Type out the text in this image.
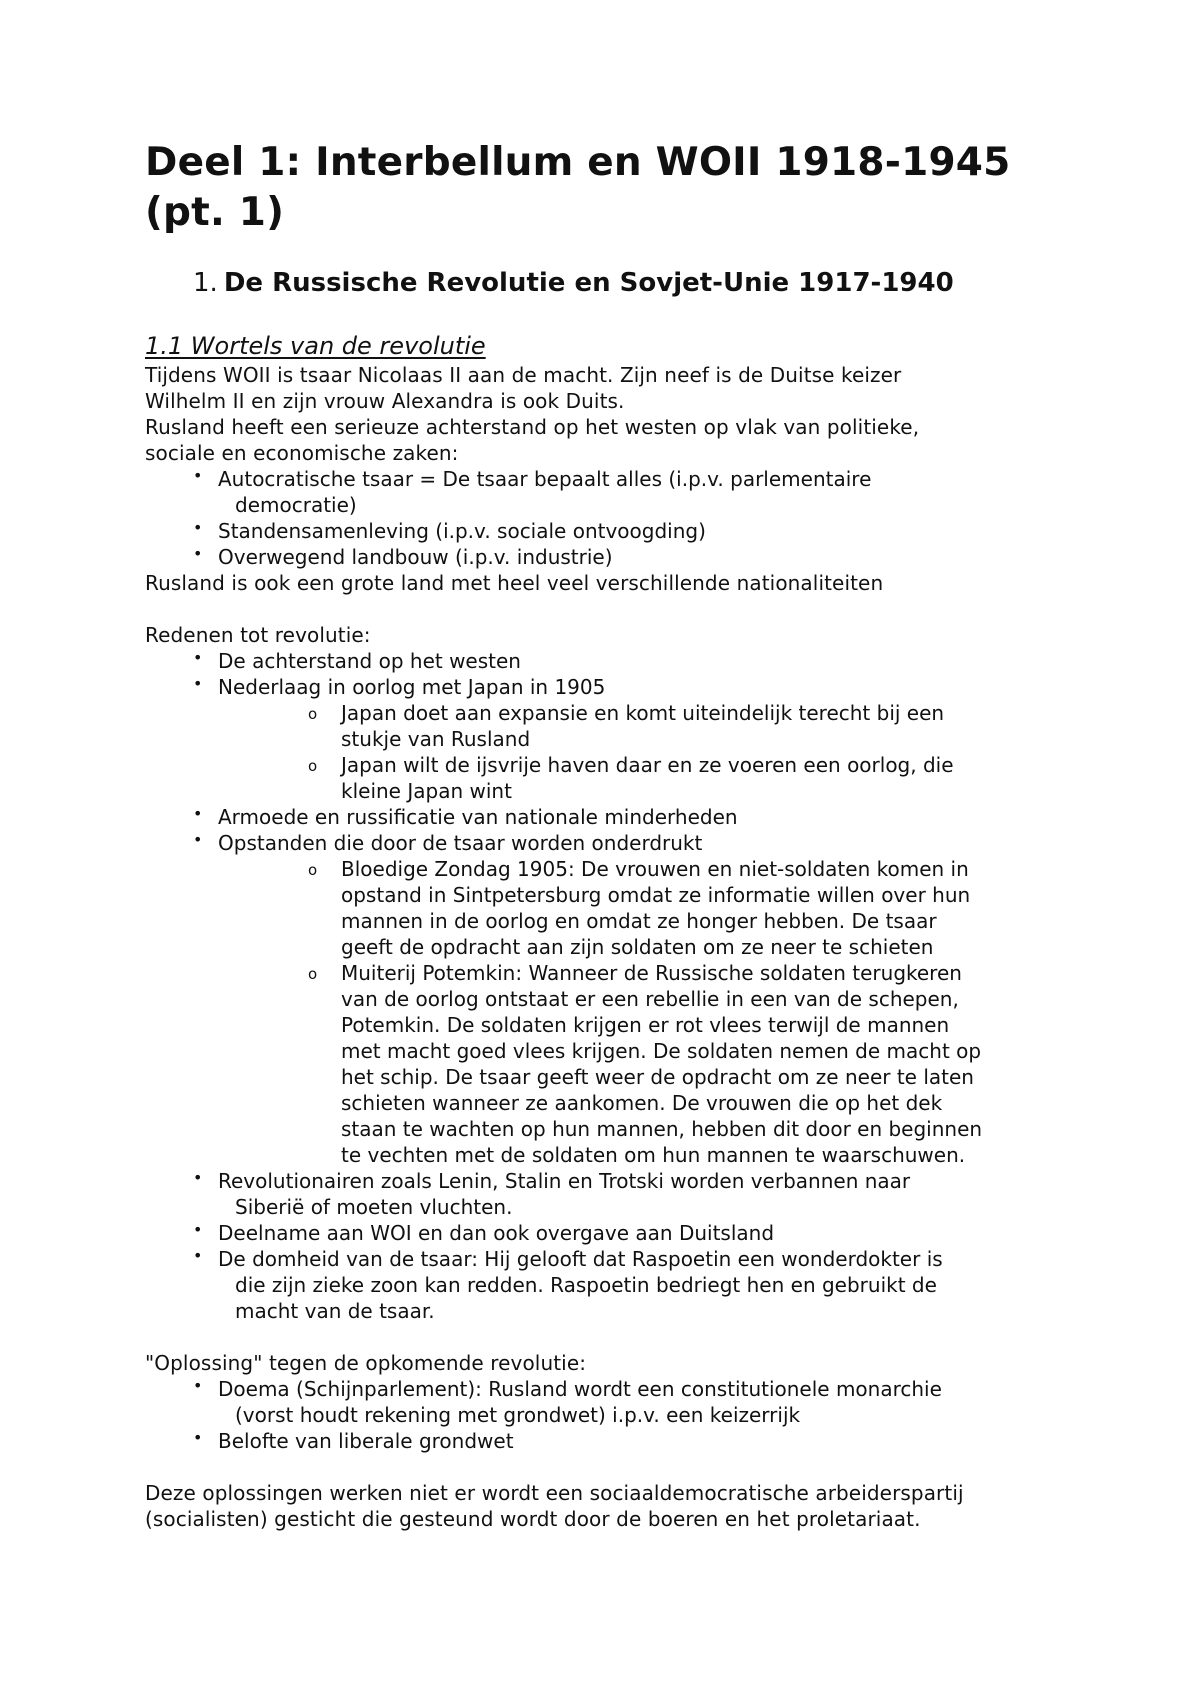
Deel 1: Interbellum en WOII 1918-1945 (pt. 1)
1. De Russische Revolutie en Sovjet-Unie 1917-1940
1.1 Wortels van de revolutie

Tijdens WOII is tsaar Nicolaas II aan de macht. Zijn neef is de Duitse keizer

Wilhelm II en zijn vrouw Alexandra is ook Duits.

Rusland heeft een serieuze achterstand op het westen op vlak van politieke,

sociale en economische zaken:

• Autocratische tsaar = De tsaar bepaalt alles (i.p.v. parlementaire
democratie)
• Standensamenleving (i.p.v. sociale ontvoogding)
• Overwegend landbouw (i.p.v. industrie)

Rusland is ook een grote land met heel veel verschillende nationaliteiten

Redenen tot revolutie:

• De achterstand op het westen
• Nederlaag in oorlog met Japan in 1905
o Japan doet aan expansie en komt uiteindelijk terecht bij een
stukje van Rusland
o Japan wilt de ijsvrije haven daar en ze voeren een oorlog, die
kleine Japan wint
• Armoede en russificatie van nationale minderheden
• Opstanden die door de tsaar worden onderdrukt
o Bloedige Zondag 1905: De vrouwen en niet-soldaten komen in
opstand in Sintpetersburg omdat ze informatie willen over hun
mannen in de oorlog en omdat ze honger hebben. De tsaar
geeft de opdracht aan zijn soldaten om ze neer te schieten
o Muiterij Potemkin: Wanneer de Russische soldaten terugkeren
van de oorlog ontstaat er een rebellie in een van de schepen,
Potemkin. De soldaten krijgen er rot vlees terwijl de mannen
met macht goed vlees krijgen. De soldaten nemen de macht op
het schip. De tsaar geeft weer de opdracht om ze neer te laten
schieten wanneer ze aankomen. De vrouwen die op het dek
staan te wachten op hun mannen, hebben dit door en beginnen
te vechten met de soldaten om hun mannen te waarschuwen.
• Revolutionairen zoals Lenin, Stalin en Trotski worden verbannen naar
Siberië of moeten vluchten.
• Deelname aan WOI en dan ook overgave aan Duitsland
• De domheid van de tsaar: Hij gelooft dat Raspoetin een wonderdokter is
die zijn zieke zoon kan redden. Raspoetin bedriegt hen en gebruikt de
macht van de tsaar.

"Oplossing" tegen de opkomende revolutie:

• Doema (Schijnparlement): Rusland wordt een constitutionele monarchie
(vorst houdt rekening met grondwet) i.p.v. een keizerrijk
• Belofte van liberale grondwet

Deze oplossingen werken niet er wordt een sociaaldemocratische arbeiderspartij

(socialisten) gesticht die gesteund wordt door de boeren en het proletariaat.
